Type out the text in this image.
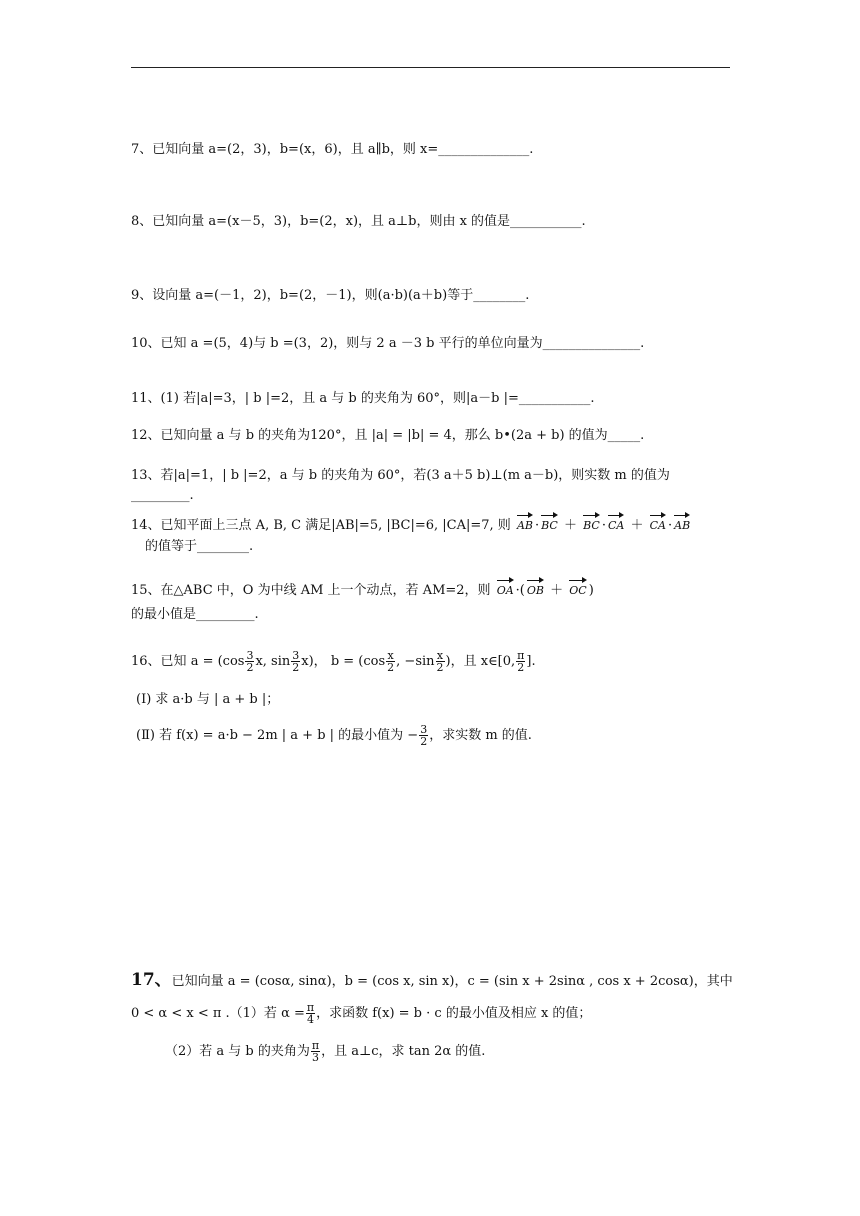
7、已知向量 a=(2，3)，b=(x，6)，且 a∥b，则 x=______________.
8、已知向量 a=(x－5，3)，b=(2，x)，且 a⊥b，则由 x 的值是___________.
9、设向量 a=(－1，2)，b=(2，－1)，则(a·b)(a＋b)等于________.
10、已知 a =(5，4)与 b =(3，2)，则与 2 a －3 b 平行的单位向量为_______________.
11、(1) 若|a|=3，| b |=2，且 a 与 b 的夹角为 60°，则|a－b |=___________.
12、已知向量 a 与 b 的夹角为120°，且 |a| = |b| = 4，那么 b•(2a + b) 的值为_____.
13、若|a|=1，| b |=2，a 与 b 的夹角为 60°，若(3 a＋5 b)⊥(m a－b)，则实数 m 的值为_________.
14、已知平面上三点 A, B, C 满足|AB|=5, |BC|=6, |CA|=7, 则 AB · BC ＋ BC · CA ＋ CA · AB
的值等于________.
15、在△ABC 中，O 为中线 AM 上一个动点，若 AM=2，则 OA ·( OB ＋ OC )
的最小值是_________.
16、已知 $a = (\cos \frac{3}{2} x$, $\sin \frac{3}{2} x$)， $b = (\cos \frac{x}{2}$ , $-\sin \frac{x}{2}$ )，且 x∈[0, $\frac{\pi}{2}$ ].
(I) 求 a·b 与 | a + b |；
(Ⅱ) 若 f(x) = a·b − 2m | a + b | 的最小值为 − $\frac{3}{2}$ ，求实数 m 的值.
17、已知向量 a = (cosα, sinα)，b = (cos x, sin x)，c = (sin x + 2sinα , cos x + 2cosα)，其中
0 < α < x < π .（1）若 $\alpha = \frac{\pi}{4}$ ，求函数 f(x) = b · c 的最小值及相应 x 的值；
（2）若 a 与 b 的夹角为 $\frac{\pi}{3}$ ，且 a⊥c，求 tan 2α 的值.
